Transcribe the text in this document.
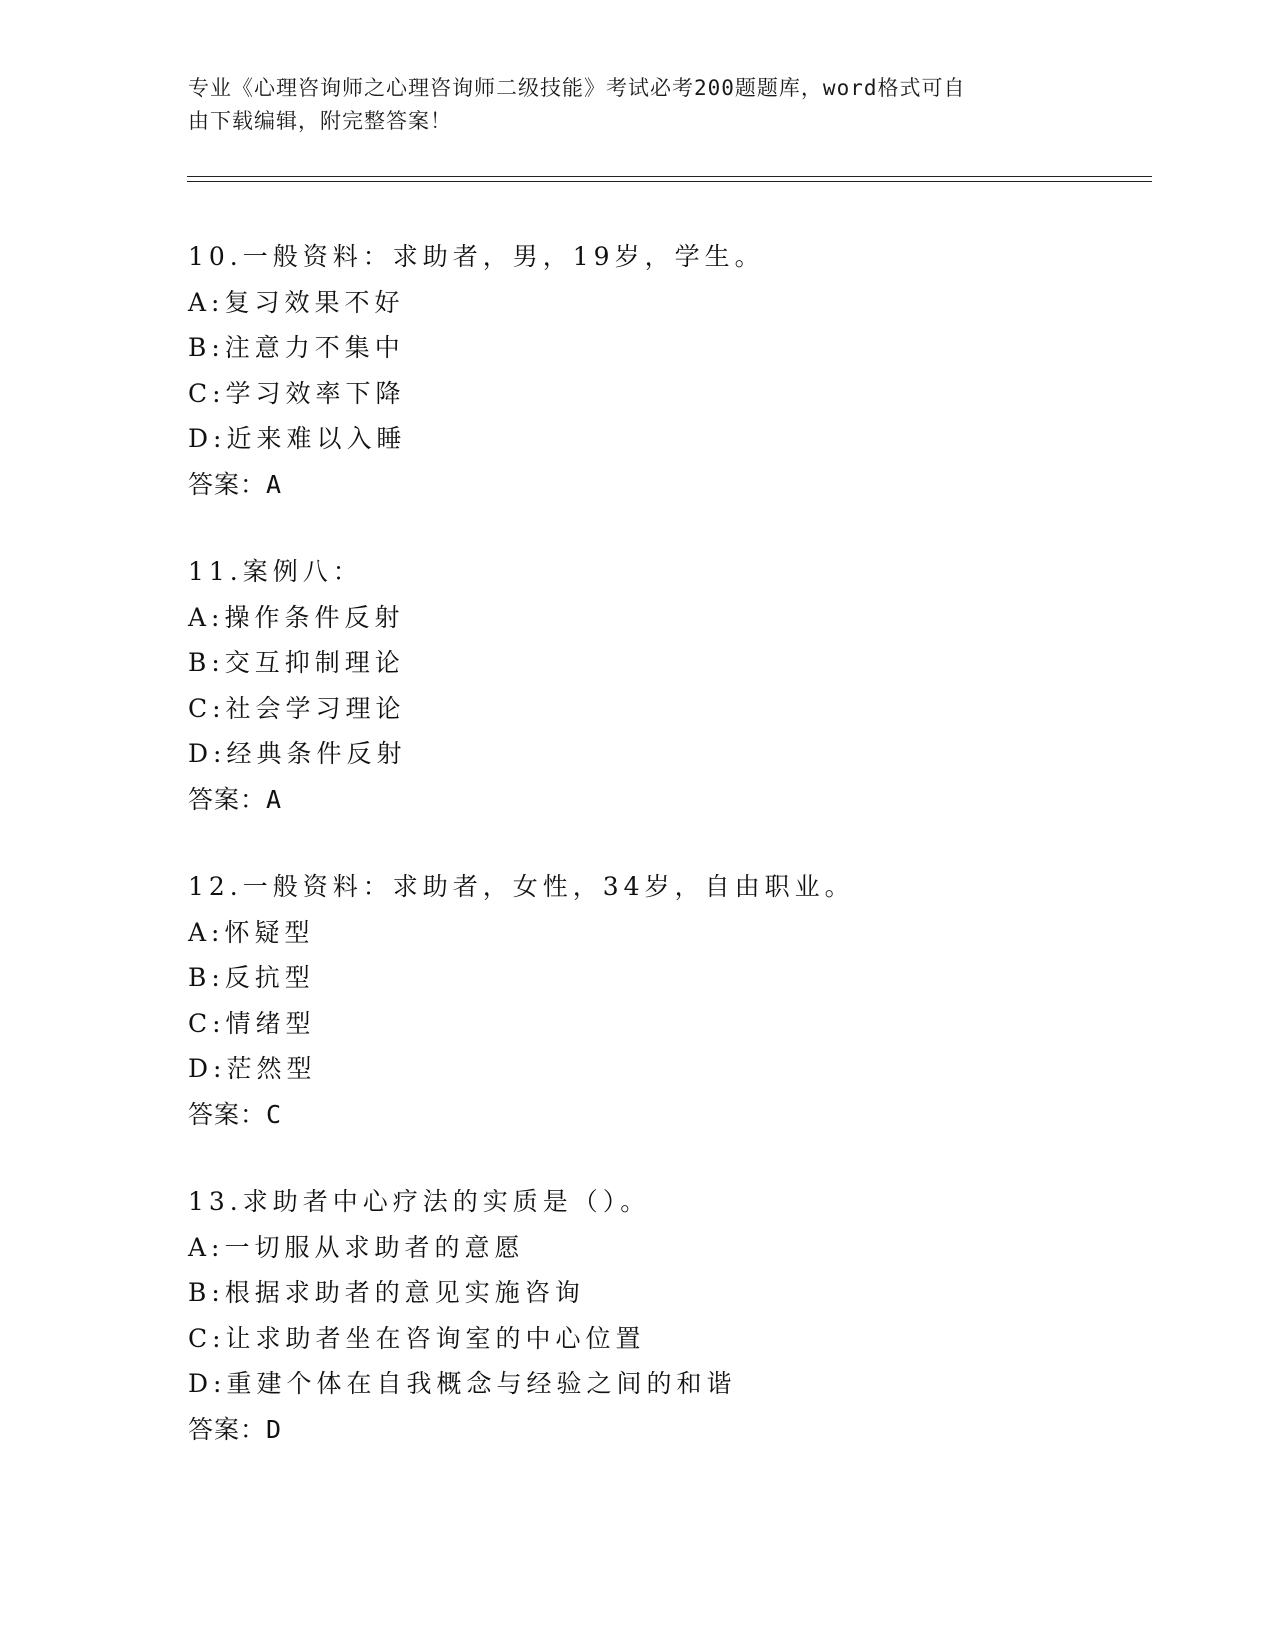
专业《心理咨询师之心理咨询师二级技能》考试必考200题题库，word格式可自
由下载编辑，附完整答案！
10.一般资料：求助者，男，19岁，学生。
A:复习效果不好
B:注意力不集中
C:学习效率下降
D:近来难以入睡
答案：A
11.案例八：
A:操作条件反射
B:交互抑制理论
C:社会学习理论
D:经典条件反射
答案：A
12.一般资料：求助者，女性，34岁，自由职业。
A:怀疑型
B:反抗型
C:情绪型
D:茫然型
答案：C
13.求助者中心疗法的实质是（）。
A:一切服从求助者的意愿
B:根据求助者的意见实施咨询
C:让求助者坐在咨询室的中心位置
D:重建个体在自我概念与经验之间的和谐
答案：D
